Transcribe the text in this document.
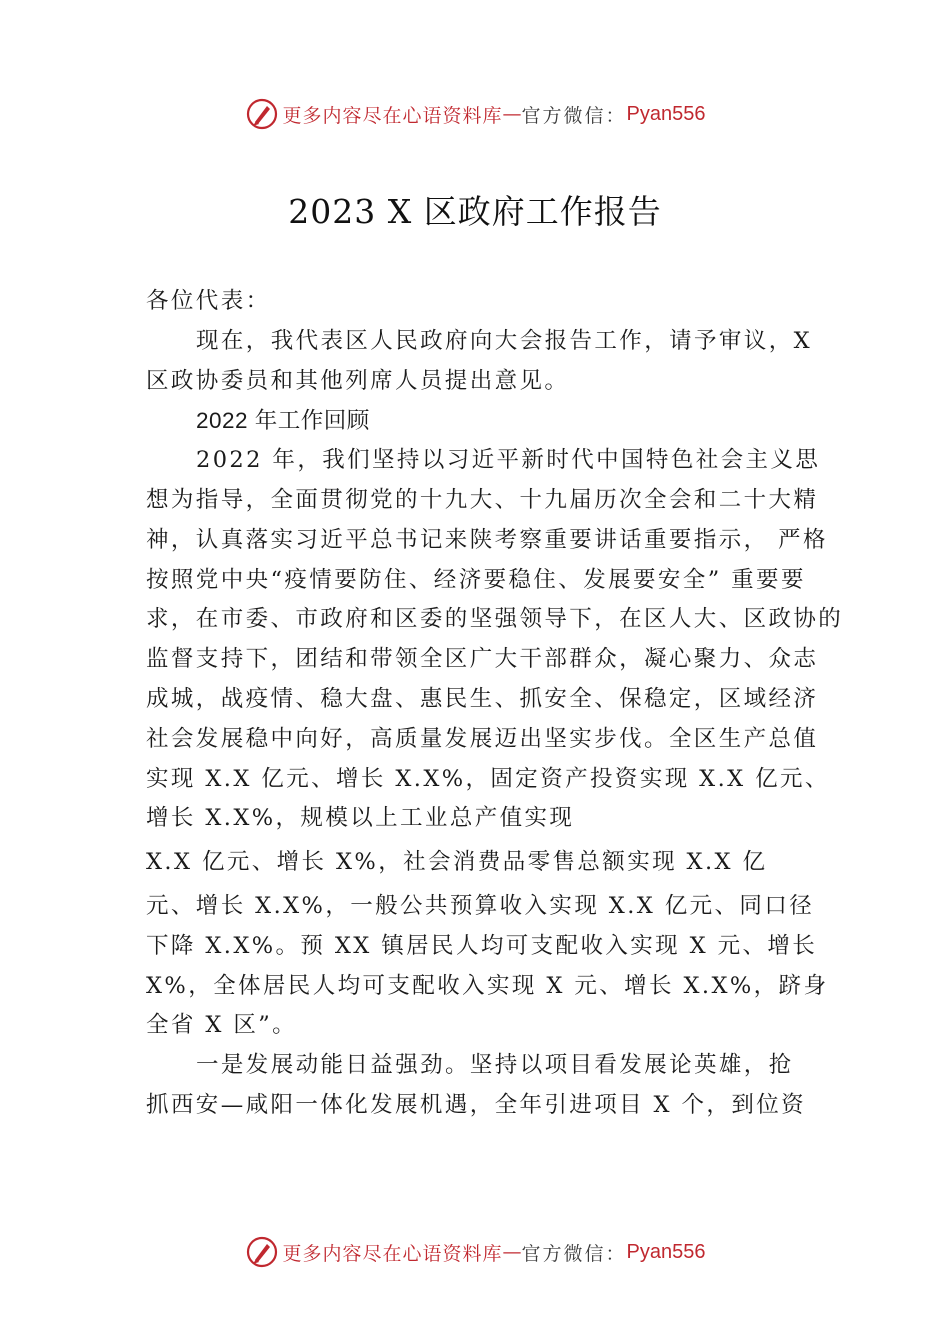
更多内容尽在心语资料库 — 官方微信： Pyan556
2023 X 区政府工作报告
各位代表：
现在，我代表区人民政府向大会报告工作，请予审议，X
区政协委员和其他列席人员提出意见。
2022 年工作回顾
2022 年，我们坚持以习近平新时代中国特色社会主义思
想为指导，全面贯彻党的十九大、十九届历次全会和二十大精
神，认真落实习近平总书记来陕考察重要讲话重要指示， 严格
按照党中央“疫情要防住、经济要稳住、发展要安全” 重要要
求，在市委、市政府和区委的坚强领导下，在区人大、区政协的
监督支持下，团结和带领全区广大干部群众，凝心聚力、众志
成城，战疫情、稳大盘、惠民生、抓安全、保稳定，区域经济
社会发展稳中向好，高质量发展迈出坚实步伐。全区生产总值
实现 X.X 亿元、增长 X.X%，固定资产投资实现 X.X 亿元、
增长 X.X%，规模以上工业总产值实现
X.X 亿元、增长 X%，社会消费品零售总额实现 X.X 亿
元、增长 X.X%，一般公共预算收入实现 X.X 亿元、同口径
下降 X.X%。预 XX 镇居民人均可支配收入实现 X 元、增长
X%，全体居民人均可支配收入实现 X 元、增长 X.X%，跻身
全省 X 区”。
一是发展动能日益强劲。坚持以项目看发展论英雄，抢
抓西安—咸阳一体化发展机遇，全年引进项目 X 个，到位资
更多内容尽在心语资料库 — 官方微信： Pyan556
